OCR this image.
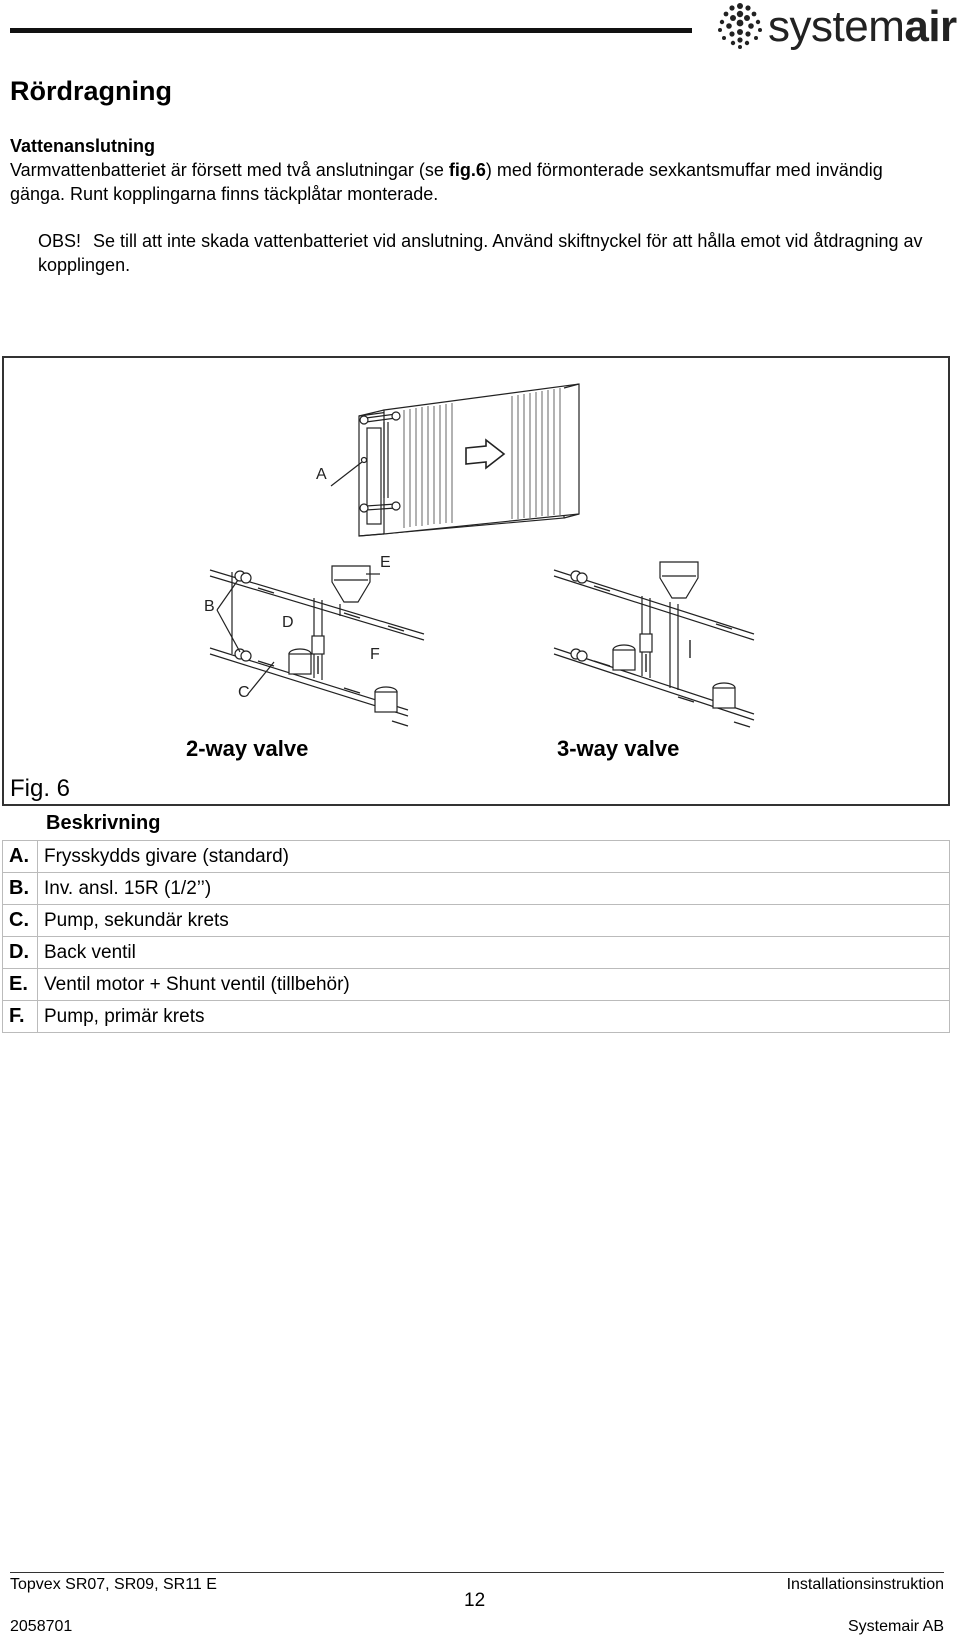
systemair
Rördragning
Vattenanslutning
Varmvattenbatteriet är försett med två anslutningar (se fig.6) med förmonterade sexkantsmuffar med invändig gänga. Runt kopplingarna finns täckplåtar monterade.
OBS! Se till att inte skada vattenbatteriet vid anslutning. Använd skiftnyckel för att hålla emot vid åtdragning av kopplingen.
A
E
B
D
F
C
2-way valve	3-way valve
Fig. 6
Beskrivning
A.	Frysskydds givare (standard)
B.	Inv. ansl. 15R (1/2’’)
C.	Pump, sekundär krets
D.	Back ventil
E.	Ventil motor + Shunt ventil (tillbehör)
F.	Pump, primär krets
Topvex SR07, SR09, SR11 E	Installationsinstruktion
12
2058701	Systemair AB
